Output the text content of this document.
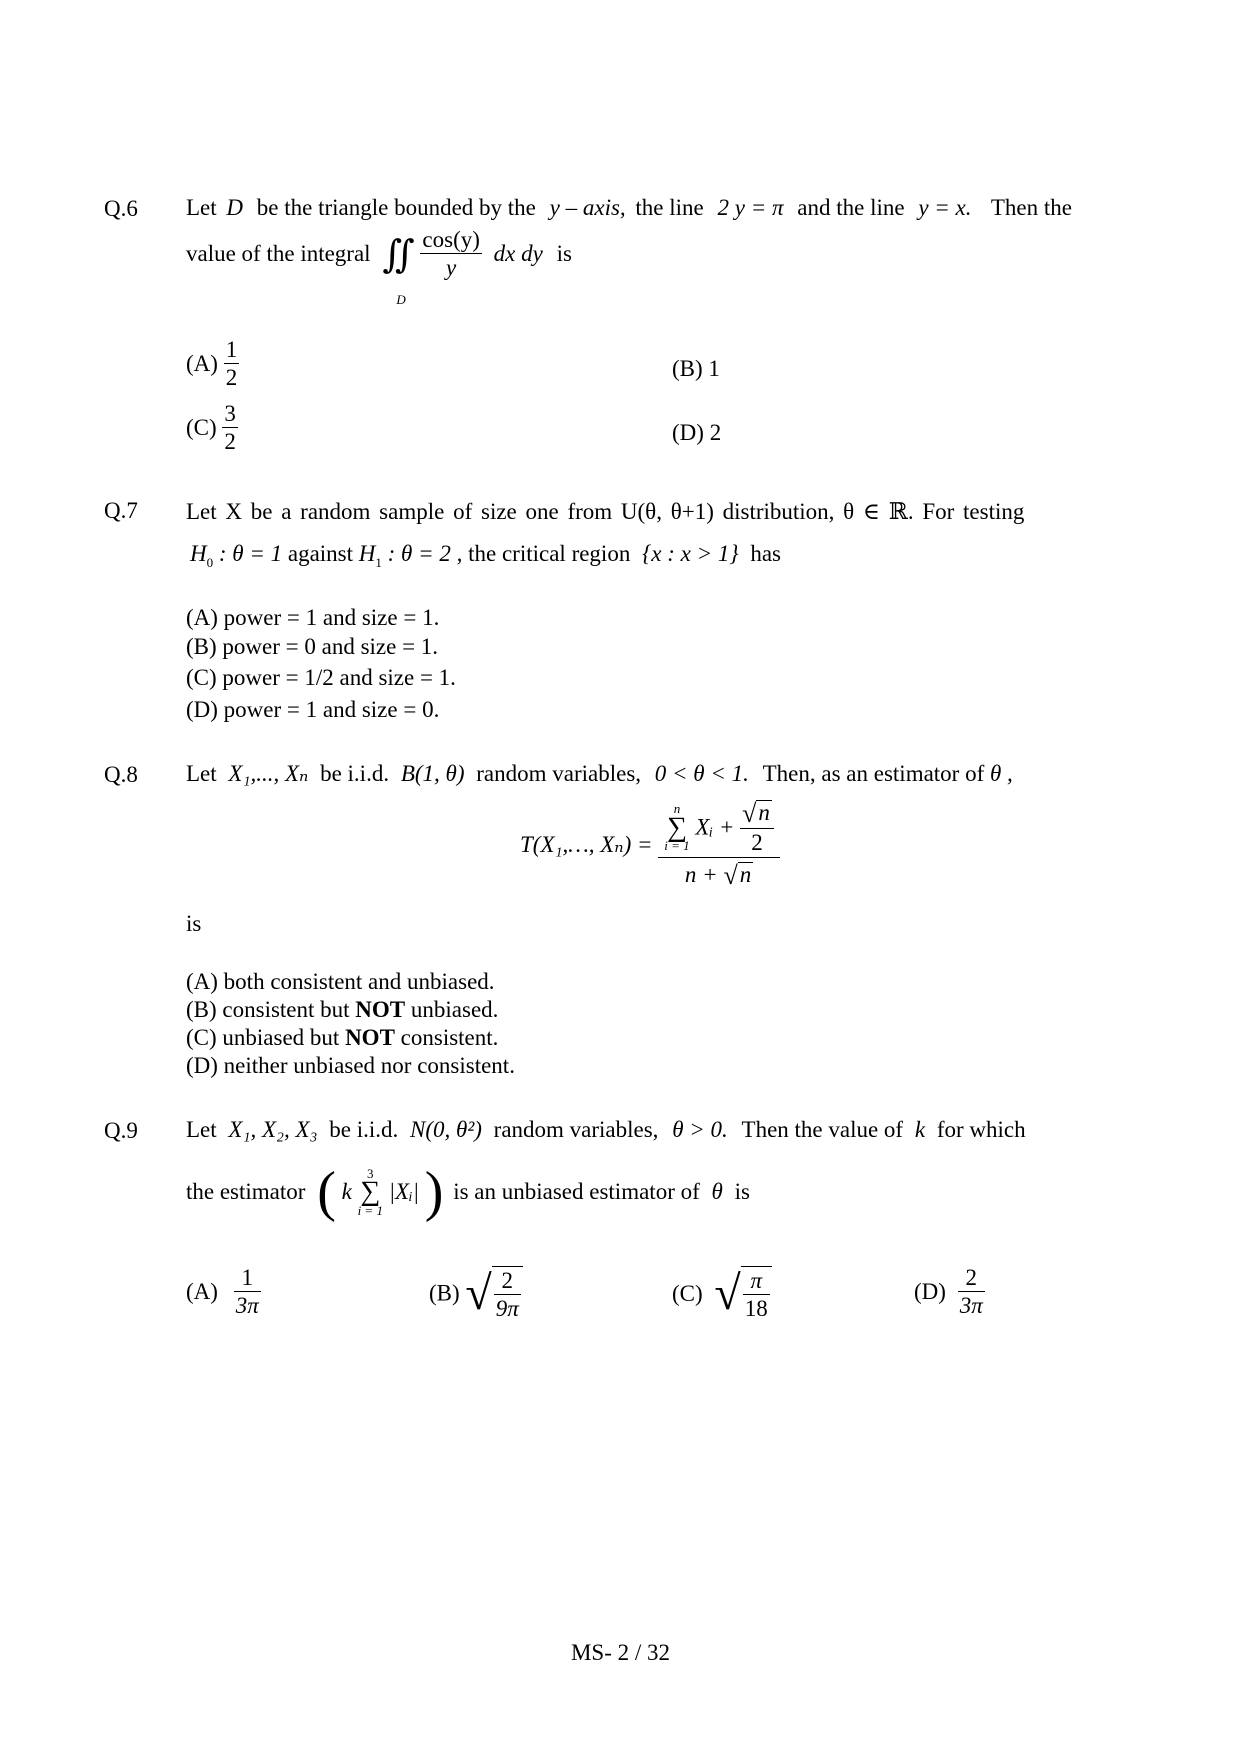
Q.6 Let D be the triangle bounded by the y – axis, the line 2 y = π and the line y = x. Then the
value of the integral ∬
D

$\frac{\cos(y)}{y}$ dx dy is
$(A) \frac{1}{2}$	(B) 1
$(C) \frac{3}{2}$	(D) 2
Q.7 Let X be a random sample of size one from U(θ, θ+1) distribution, θ ∈ ℝ. For testing
$H_0$ : θ = 1 against $H_1$ : θ = 2 , the critical region {x : x > 1} has
(A) power = 1 and size = 1.
(B) power = 0 and size = 1.
(C) power = 1/2 and size = 1.
(D) power = 1 and size = 0.
Q.8 Let X₁,..., Xₙ be i.i.d. B(1, θ) random variables, 0 < θ < 1. Then, as an estimator of θ ,
T(X₁,…, Xₙ) =
n
∑
i = 1
Xᵢ + $\frac{√n}{2}$
n + √n
is
(A) both consistent and unbiased.
(B) consistent but NOT unbiased.
(C) unbiased but NOT consistent.
(D) neither unbiased nor consistent.
Q.9 Let X₁, X₂, X₃ be i.i.d. N(0, θ²) random variables, θ > 0. Then the value of k for which
the estimator ( k
3
∑
i = 1
|Xᵢ| ) is an unbiased estimator of θ is
$(A) \frac{1}{3\pi}$	(B) √ $\frac{2}{9\pi}$	(C) √ $\frac{\pi}{18}$	$(D) \frac{2}{3\pi}$
MS- 2 / 32
